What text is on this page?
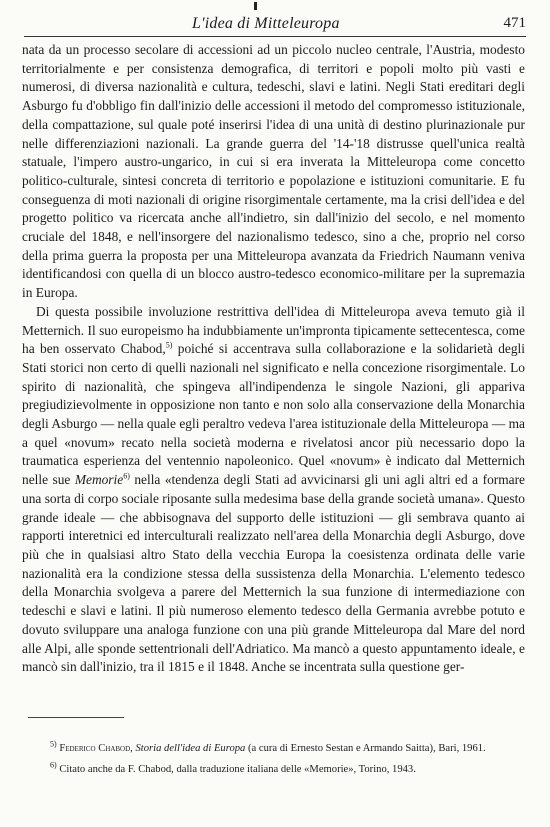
L'idea di Mitteleuropa	471

nata da un processo secolare di accessioni ad un piccolo nucleo centrale, l'Austria, modesto territorialmente e per consistenza demografica, di territori e popoli molto più vasti e numerosi, di diversa nazionalità e cultura, tedeschi, slavi e latini. Negli Stati ereditari degli Asburgo fu d'obbligo fin dall'inizio delle accessioni il metodo del compromesso istituzionale, della compattazione, sul quale poté inserirsi l'idea di una unità di destino plurinazionale pur nelle differenziazioni nazionali. La grande guerra del '14-'18 distrusse quell'unica realtà statuale, l'impero austro-ungarico, in cui si era inverata la Mitteleuropa come concetto politico-culturale, sintesi concreta di territorio e popolazione e istituzioni comunitarie. E fu conseguenza di moti nazionali di origine risorgimentale certamente, ma la crisi dell'idea e del progetto politico va ricercata anche all'indietro, sin dall'inizio del secolo, e nel momento cruciale del 1848, e nell'insorgere del nazionalismo tedesco, sino a che, proprio nel corso della prima guerra la proposta per una Mitteleuropa avanzata da Friedrich Naumann veniva identificandosi con quella di un blocco austro-tedesco economico-militare per la supremazia in Europa.

Di questa possibile involuzione restrittiva dell'idea di Mitteleuropa aveva temuto già il Metternich. Il suo europeismo ha indubbiamente un'impronta tipicamente settecentesca, come ha ben osservato Chabod,$^{5)}$ poiché si accentrava sulla collaborazione e la solidarietà degli Stati storici non certo di quelli nazionali nel significato e nella concezione risorgimentale. Lo spirito di nazionalità, che spingeva all'indipendenza le singole Nazioni, gli appariva pregiudizievolmente in opposizione non tanto e non solo alla conservazione della Monarchia degli Asburgo — nella quale egli peraltro vedeva l'area istituzionale della Mitteleuropa — ma a quel «novum» recato nella società moderna e rivelatosi ancor più necessario dopo la traumatica esperienza del ventennio napoleonico. Quel «novum» è indicato dal Metternich nelle sue Memorie$^{6)}$ nella «tendenza degli Stati ad avvicinarsi gli uni agli altri ed a formare una sorta di corpo sociale riposante sulla medesima base della grande società umana». Questo grande ideale — che abbisognava del supporto delle istituzioni — gli sembrava quanto ai rapporti interetnici ed interculturali realizzato nell'area della Monarchia degli Asburgo, dove più che in qualsiasi altro Stato della vecchia Europa la coesistenza ordinata delle varie nazionalità era la condizione stessa della sussistenza della Monarchia. L'elemento tedesco della Monarchia svolgeva a parere del Metternich la sua funzione di intermediazione con tedeschi e slavi e latini. Il più numeroso elemento tedesco della Germania avrebbe potuto e dovuto sviluppare una analoga funzione con una più grande Mitteleuropa dal Mare del nord alle Alpi, alle sponde settentrionali dell'Adriatico. Ma mancò a questo appuntamento ideale, e mancò sin dall'inizio, tra il 1815 e il 1848. Anche se incentrata sulla questione ger-

$^{5)}$ Federico Chabod, Storia dell'idea di Europa (a cura di Ernesto Sestan e Armando Saitta), Bari, 1961.

$^{6)}$ Citato anche da F. Chabod, dalla traduzione italiana delle «Memorie», Torino, 1943.
